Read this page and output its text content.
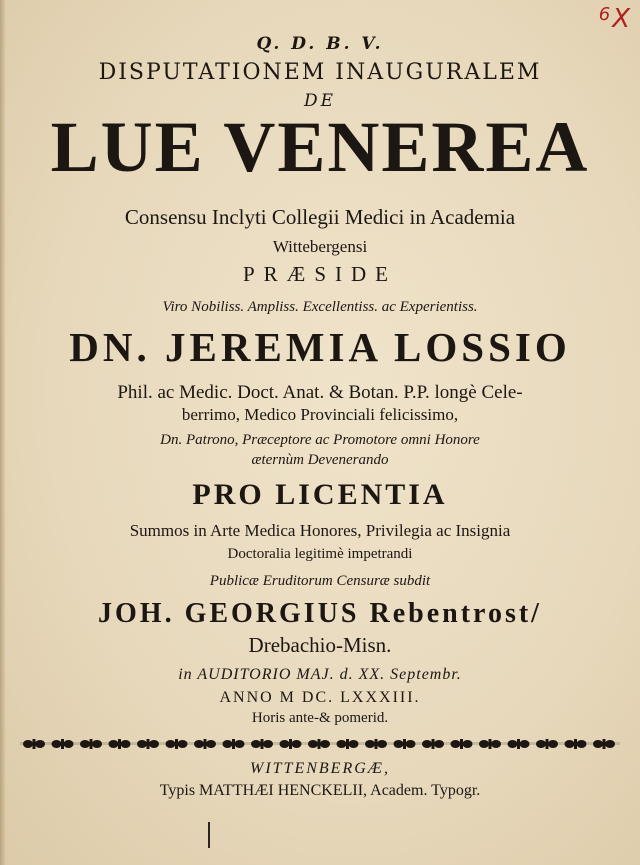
$^6$X
Q. D. B. V.
DISPUTATIONEM INAUGURALEM
DE
LUE VENEREA
Consensu Inclyti Collegii Medici in Academia
Wittebergensi
PRÆSIDE
Viro Nobiliss. Ampliss. Excellentiss. ac Experientiss.
DN. JEREMIA LOSSIO
Phil. ac Medic. Doct. Anat. & Botan. P.P. longè Cele-
berrimo, Medico Provinciali felicissimo,
Dn. Patrono, Præceptore ac Promotore omni Honore
æternùm Devenerando
PRO LICENTIA
Summos in Arte Medica Honores, Privilegia ac Insignia
Doctoralia legitimè impetrandi
Publicæ Eruditorum Censuræ subdit
JOH. GEORGIUS Rebentrost/
Drebachio-Misn.
in AUDITORIO MAJ. d. XX. Septembr.
ANNO M DC. LXXXIII.
Horis ante-& pomerid.
WITTENBERGÆ,
Typis MATTHÆI HENCKELII, Academ. Typogr.
